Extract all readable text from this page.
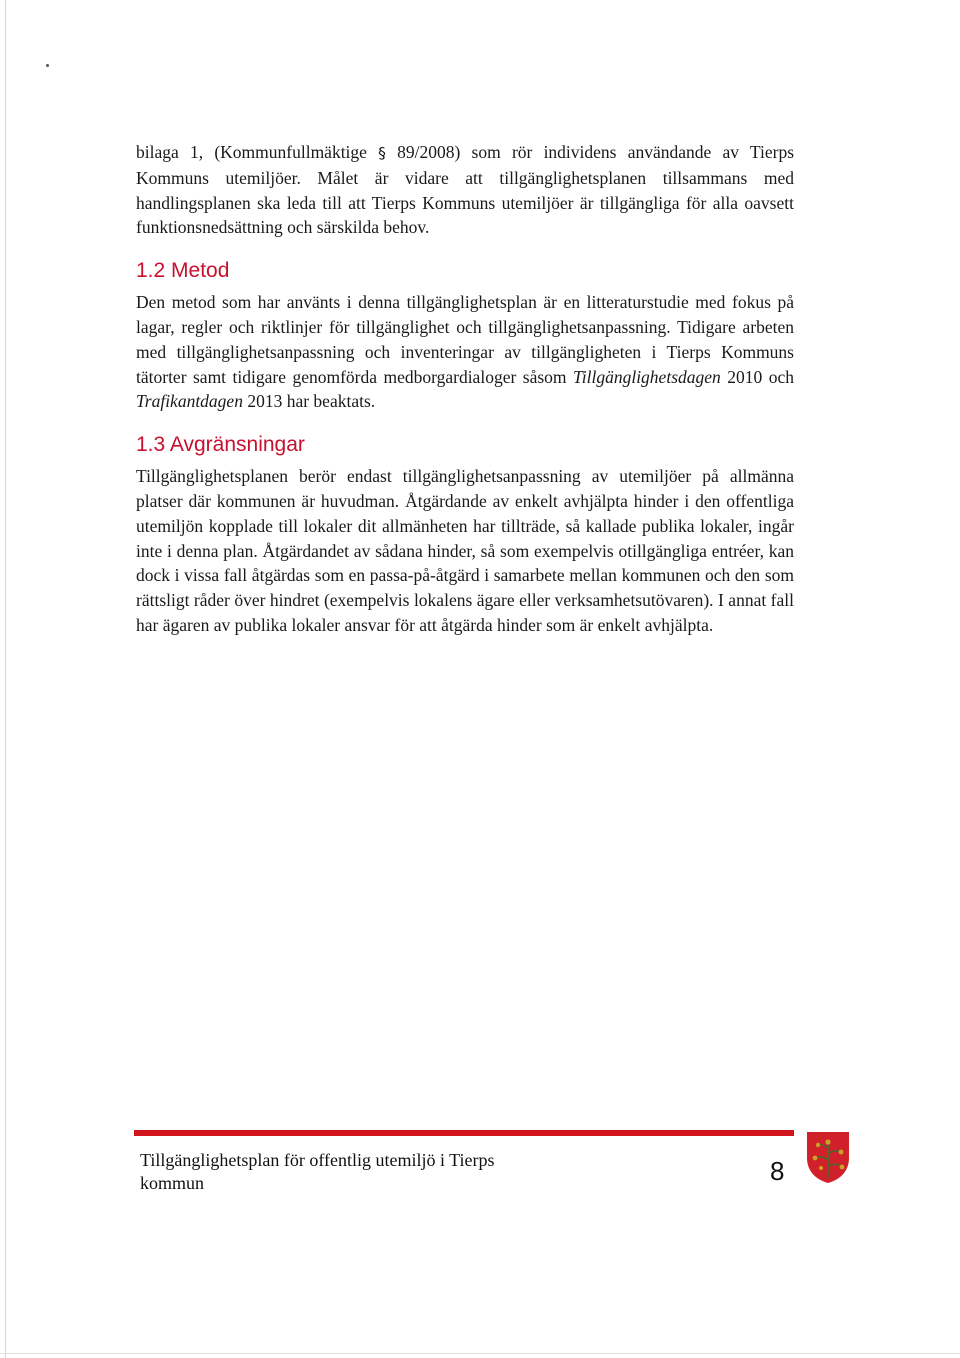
bilaga 1, (Kommunfullmäktige § 89/2008) som rör individens användande av Tierps Kommuns utemiljöer. Målet är vidare att tillgänglighetsplanen tillsammans med handlingsplanen ska leda till att Tierps Kommuns utemiljöer är tillgängliga för alla oavsett funktionsnedsättning och särskilda behov.

1.2 Metod

Den metod som har använts i denna tillgänglighetsplan är en litteraturstudie med fokus på lagar, regler och riktlinjer för tillgänglighet och tillgänglighetsanpassning. Tidigare arbeten med tillgänglighetsanpassning och inventeringar av tillgängligheten i Tierps Kommuns tätorter samt tidigare genomförda medborgardialoger såsom Tillgänglighetsdagen 2010 och Trafikantdagen 2013 har beaktats.

1.3 Avgränsningar

Tillgänglighetsplanen berör endast tillgänglighetsanpassning av utemiljöer på allmänna platser där kommunen är huvudman. Åtgärdande av enkelt avhjälpta hinder i den offentliga utemiljön kopplade till lokaler dit allmänheten har tillträde, så kallade publika lokaler, ingår inte i denna plan. Åtgärdandet av sådana hinder, så som exempelvis otillgängliga entréer, kan dock i vissa fall åtgärdas som en passa-på-åtgärd i samarbete mellan kommunen och den som rättsligt råder över hindret (exempelvis lokalens ägare eller verksamhetsutövaren). I annat fall har ägaren av publika lokaler ansvar för att åtgärda hinder som är enkelt avhjälpta.

Tillgänglighetsplan för offentlig utemiljö i Tierps kommun	8
